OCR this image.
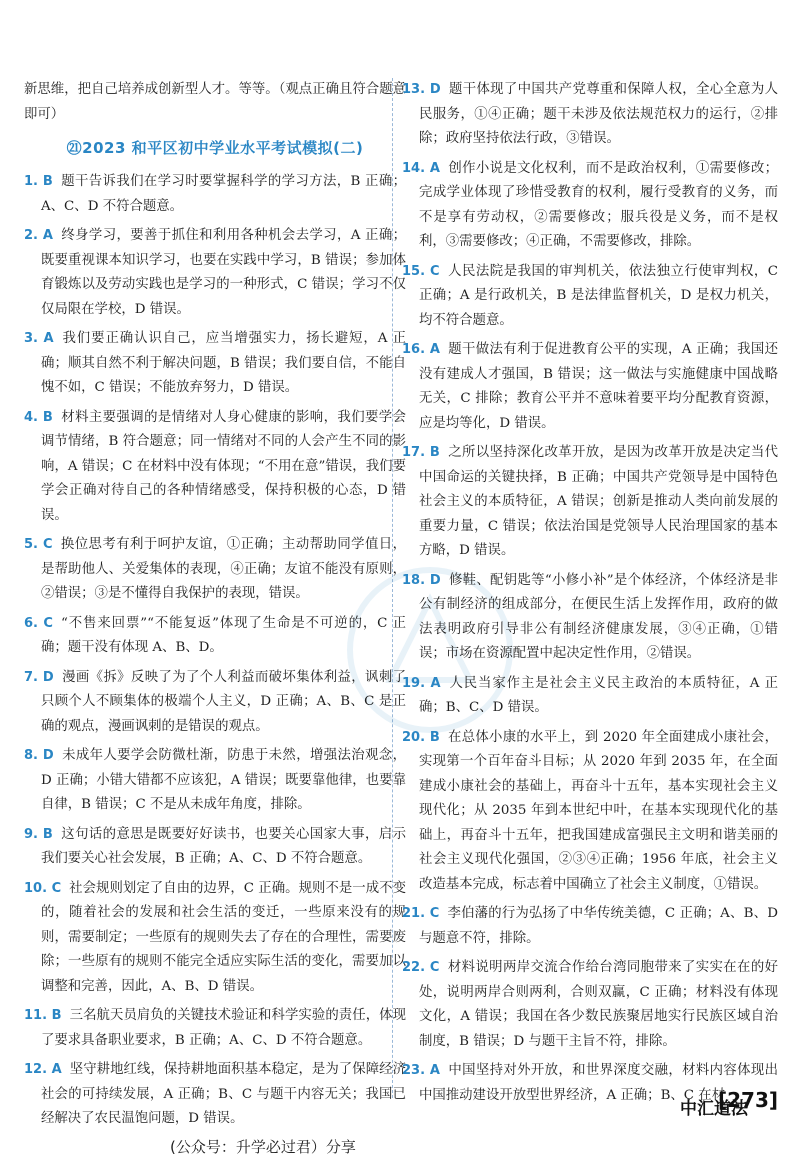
新思维，把自己培养成创新型人才。等等。（观点正确且符合题意即可）

㉑2023 和平区初中学业水平考试模拟(二)

1. B 题干告诉我们在学习时要掌握科学的学习方法，B 正确；A、C、D 不符合题意。

2. A 终身学习，要善于抓住和利用各种机会去学习，A 正确；既要重视课本知识学习，也要在实践中学习，B 错误；参加体育锻炼以及劳动实践也是学习的一种形式，C 错误；学习不仅仅局限在学校，D 错误。

3. A 我们要正确认识自己，应当增强实力，扬长避短，A 正确；顺其自然不利于解决问题，B 错误；我们要自信，不能自愧不如，C 错误；不能放弃努力，D 错误。

4. B 材料主要强调的是情绪对人身心健康的影响，我们要学会调节情绪，B 符合题意；同一情绪对不同的人会产生不同的影响，A 错误；C 在材料中没有体现；“不用在意”错误，我们要学会正确对待自己的各种情绪感受，保持积极的心态，D 错误。

5. C 换位思考有利于呵护友谊，①正确；主动帮助同学值日，是帮助他人、关爱集体的表现，④正确；友谊不能没有原则，②错误；③是不懂得自我保护的表现，错误。

6. C “不售来回票”“不能复返”体现了生命是不可逆的，C 正确；题干没有体现 A、B、D。

7. D 漫画《拆》反映了为了个人利益而破坏集体利益，讽刺了只顾个人不顾集体的极端个人主义，D 正确；A、B、C 是正确的观点，漫画讽刺的是错误的观点。

8. D 未成年人要学会防微杜渐，防患于未然，增强法治观念，D 正确；小错大错都不应该犯，A 错误；既要靠他律，也要靠自律，B 错误；C 不是从未成年角度，排除。

9. B 这句话的意思是既要好好读书，也要关心国家大事，启示我们要关心社会发展，B 正确；A、C、D 不符合题意。

10. C 社会规则划定了自由的边界，C 正确。规则不是一成不变的，随着社会的发展和社会生活的变迁，一些原来没有的规则，需要制定；一些原有的规则失去了存在的合理性，需要废除；一些原有的规则不能完全适应实际生活的变化，需要加以调整和完善，因此，A、B、D 错误。

11. B 三名航天员肩负的关键技术验证和科学实验的责任，体现了要求具备职业要求，B 正确；A、C、D 不符合题意。

12. A 坚守耕地红线，保持耕地面积基本稳定，是为了保障经济社会的可持续发展，A 正确；B、C 与题干内容无关；我国已经解决了农民温饱问题，D 错误。

13. D 题干体现了中国共产党尊重和保障人权，全心全意为人民服务，①④正确；题干未涉及依法规范权力的运行，②排除；政府坚持依法行政，③错误。

14. A 创作小说是文化权利，而不是政治权利，①需要修改；完成学业体现了珍惜受教育的权利，履行受教育的义务，而不是享有劳动权，②需要修改；服兵役是义务，而不是权利，③需要修改；④正确，不需要修改，排除。

15. C 人民法院是我国的审判机关，依法独立行使审判权，C 正确；A 是行政机关，B 是法律监督机关，D 是权力机关，均不符合题意。

16. A 题干做法有利于促进教育公平的实现，A 正确；我国还没有建成人才强国，B 错误；这一做法与实施健康中国战略无关，C 排除；教育公平并不意味着要平均分配教育资源，应是均等化，D 错误。

17. B 之所以坚持深化改革开放，是因为改革开放是决定当代中国命运的关键抉择，B 正确；中国共产党领导是中国特色社会主义的本质特征，A 错误；创新是推动人类向前发展的重要力量，C 错误；依法治国是党领导人民治理国家的基本方略，D 错误。

18. D 修鞋、配钥匙等“小修小补”是个体经济，个体经济是非公有制经济的组成部分，在便民生活上发挥作用，政府的做法表明政府引导非公有制经济健康发展，③④正确，①错误；市场在资源配置中起决定性作用，②错误。

19. A 人民当家作主是社会主义民主政治的本质特征，A 正确；B、C、D 错误。

20. B 在总体小康的水平上，到 2020 年全面建成小康社会，实现第一个百年奋斗目标；从 2020 年到 2035 年，在全面建成小康社会的基础上，再奋斗十五年，基本实现社会主义现代化；从 2035 年到本世纪中叶，在基本实现现代化的基础上，再奋斗十五年，把我国建成富强民主文明和谐美丽的社会主义现代化强国，②③④正确；1956 年底，社会主义改造基本完成，标志着中国确立了社会主义制度，①错误。

21. C 李伯藩的行为弘扬了中华传统美德，C 正确；A、B、D 与题意不符，排除。

22. C 材料说明两岸交流合作给台湾同胞带来了实实在在的好处，说明两岸合则两利，合则双赢，C 正确；材料没有体现文化，A 错误；我国在各少数民族聚居地实行民族区域自治制度，B 错误；D 与题干主旨不符，排除。

23. A 中国坚持对外开放，和世界深度交融，材料内容体现出中国推动建设开放型世界经济，A 正确；B、C 在材

中汇道法
[273]
(公众号：升学必过君）分享
